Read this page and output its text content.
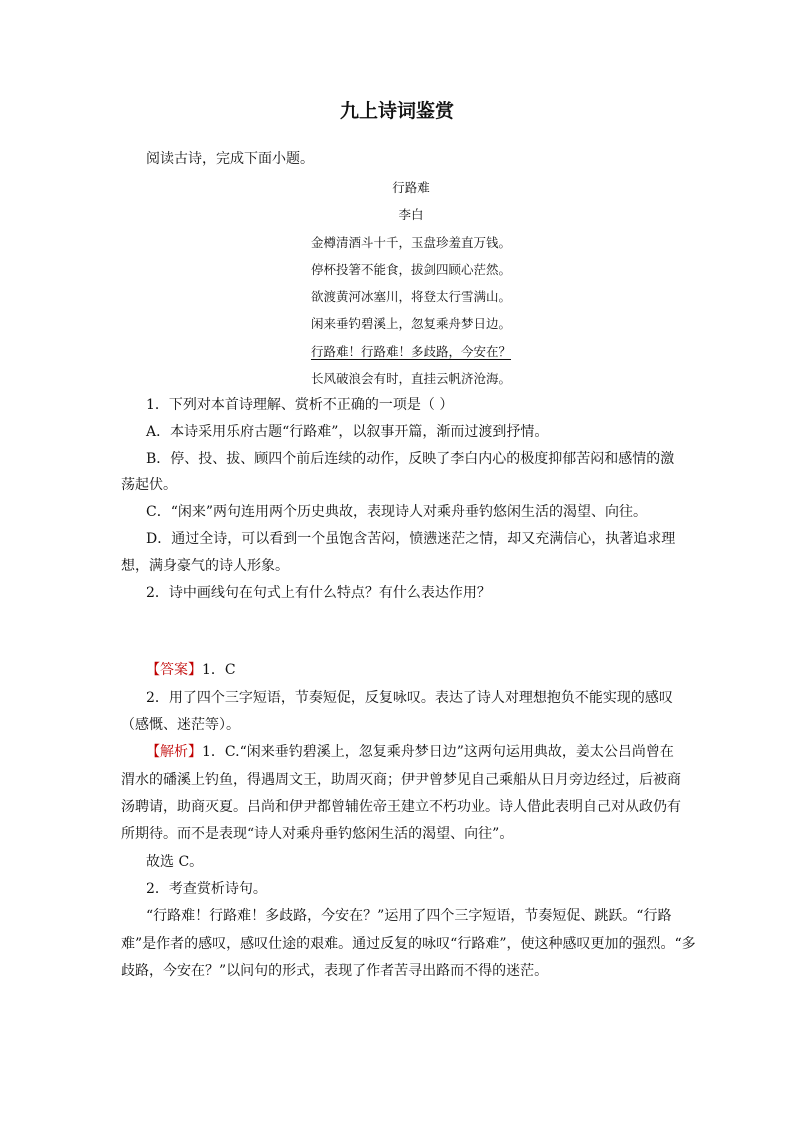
九上诗词鉴赏
阅读古诗，完成下面小题。
行路难
李白
金樽清酒斗十千，玉盘珍羞直万钱。
停杯投箸不能食，拔剑四顾心茫然。
欲渡黄河冰塞川，将登太行雪满山。
闲来垂钓碧溪上，忽复乘舟梦日边。
行路难！行路难！多歧路，今安在？
长风破浪会有时，直挂云帆济沧海。
1．下列对本首诗理解、赏析不正确的一项是（ ）
A．本诗采用乐府古题“行路难”，以叙事开篇，渐而过渡到抒情。
B．停、投、拔、顾四个前后连续的动作，反映了李白内心的极度抑郁苦闷和感情的激
荡起伏。
C．“闲来”两句连用两个历史典故，表现诗人对乘舟垂钓悠闲生活的渴望、向往。
D．通过全诗，可以看到一个虽饱含苦闷，愤懑迷茫之情，却又充满信心，执著追求理
想，满身豪气的诗人形象。
2．诗中画线句在句式上有什么特点？有什么表达作用？
【答案】1．C
2．用了四个三字短语，节奏短促，反复咏叹。表达了诗人对理想抱负不能实现的感叹
（感慨、迷茫等）。
【解析】1．C.“闲来垂钓碧溪上，忽复乘舟梦日边”这两句运用典故，姜太公吕尚曾在
渭水的磻溪上钓鱼，得遇周文王，助周灭商；伊尹曾梦见自己乘船从日月旁边经过，后被商
汤聘请，助商灭夏。吕尚和伊尹都曾辅佐帝王建立不朽功业。诗人借此表明自己对从政仍有
所期待。而不是表现“诗人对乘舟垂钓悠闲生活的渴望、向往”。
故选 C。
2．考查赏析诗句。
“行路难！行路难！多歧路，今安在？”运用了四个三字短语，节奏短促、跳跃。“行路
难”是作者的感叹，感叹仕途的艰难。通过反复的咏叹“行路难”，使这种感叹更加的强烈。“多
歧路，今安在？”以问句的形式，表现了作者苦寻出路而不得的迷茫。
